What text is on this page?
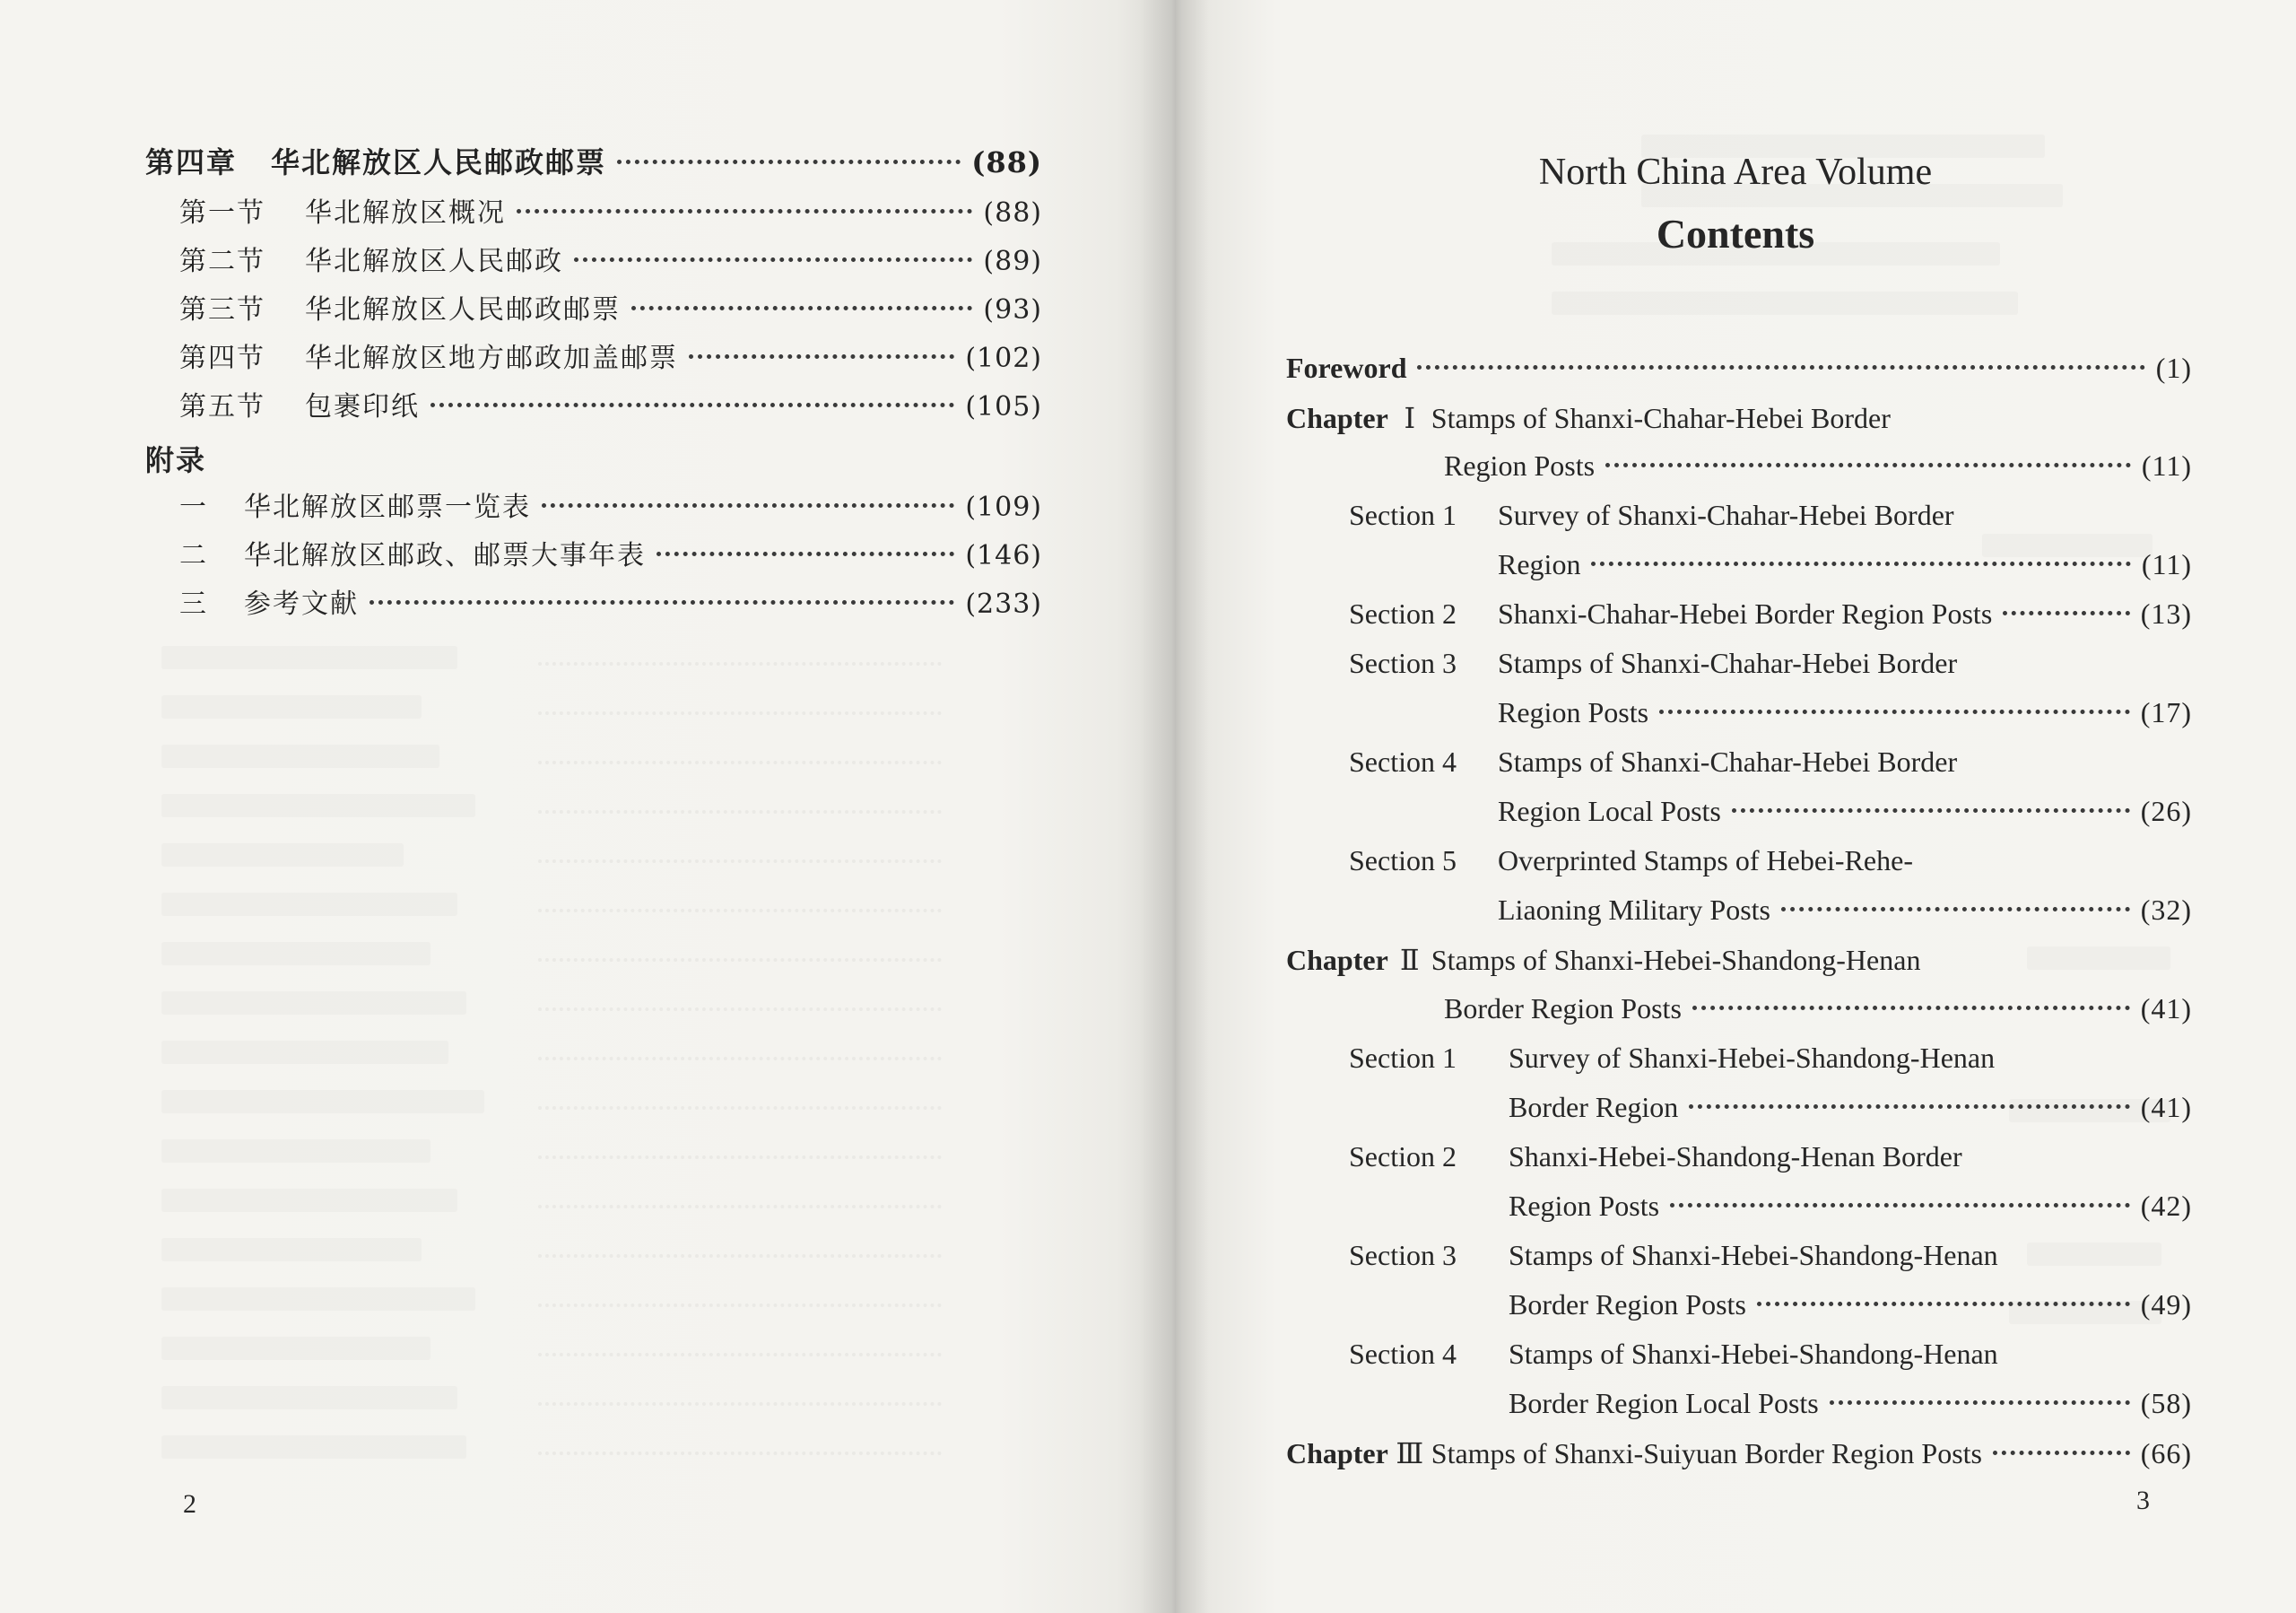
第四章	华北解放区人民邮政邮票	(88)
第一节	华北解放区概况	(88)
第二节	华北解放区人民邮政	(89)
第三节	华北解放区人民邮政邮票	(93)
第四节	华北解放区地方邮政加盖邮票	(102)
第五节	包裹印纸	(105)
附录
一	华北解放区邮票一览表	(109)
二	华北解放区邮政、邮票大事年表	(146)
三	参考文献	(233)
2
North China Area Volume
Contents
Foreword	(1)
Chapter Ⅰ Stamps of Shanxi-Chahar-Hebei Border
Region Posts	(11)
Section 1	Survey of Shanxi-Chahar-Hebei Border
Region	(11)
Section 2	Shanxi-Chahar-Hebei Border Region Posts	(13)
Section 3	Stamps of Shanxi-Chahar-Hebei Border
Region Posts	(17)
Section 4	Stamps of Shanxi-Chahar-Hebei Border
Region Local Posts	(26)
Section 5	Overprinted Stamps of Hebei-Rehe-
Liaoning Military Posts	(32)
Chapter Ⅱ Stamps of Shanxi-Hebei-Shandong-Henan
Border Region Posts	(41)
Section 1	Survey of Shanxi-Hebei-Shandong-Henan
Border Region	(41)
Section 2	Shanxi-Hebei-Shandong-Henan Border
Region Posts	(42)
Section 3	Stamps of Shanxi-Hebei-Shandong-Henan
Border Region Posts	(49)
Section 4	Stamps of Shanxi-Hebei-Shandong-Henan
Border Region Local Posts	(58)
Chapter Ⅲ Stamps of Shanxi-Suiyuan Border Region Posts	(66)
3
